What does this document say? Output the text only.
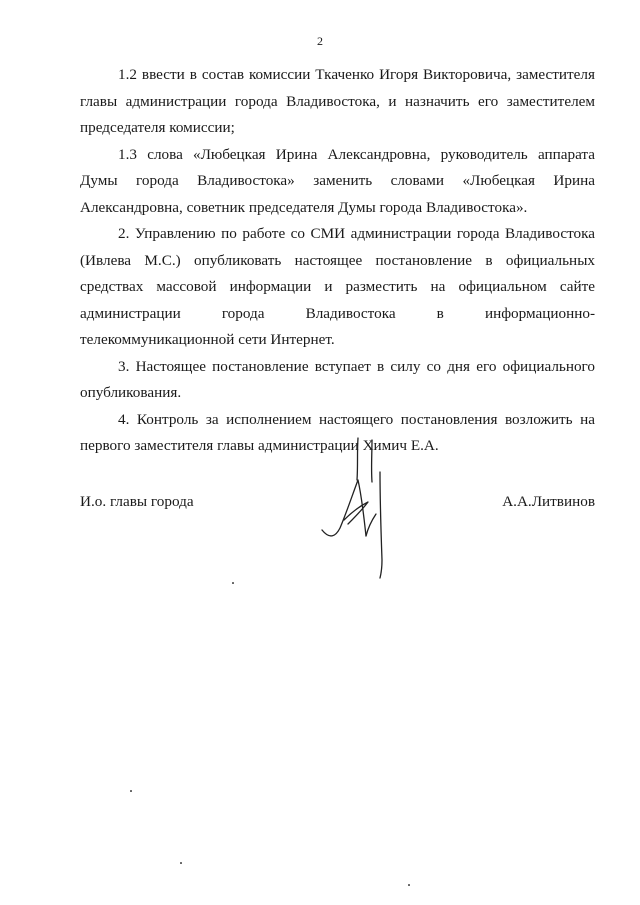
2

1.2 ввести в состав комиссии Ткаченко Игоря Викторовича, заместителя главы администрации города Владивостока, и назначить его заместителем председателя комиссии;

1.3 слова «Любецкая Ирина Александровна, руководитель аппарата Думы города Владивостока» заменить словами «Любецкая Ирина Александровна, советник председателя Думы города Владивостока».

2. Управлению по работе со СМИ администрации города Владивостока (Ивлева М.С.) опубликовать настоящее постановление в официальных средствах массовой информации и разместить на официальном сайте администрации города Владивостока в информационно-телекоммуникационной сети Интернет.

3. Настоящее постановление вступает в силу со дня его официального опубликования.

4. Контроль за исполнением настоящего постановления возложить на первого заместителя главы администрации Химич Е.А.

И.о. главы города	А.А.Литвинов
